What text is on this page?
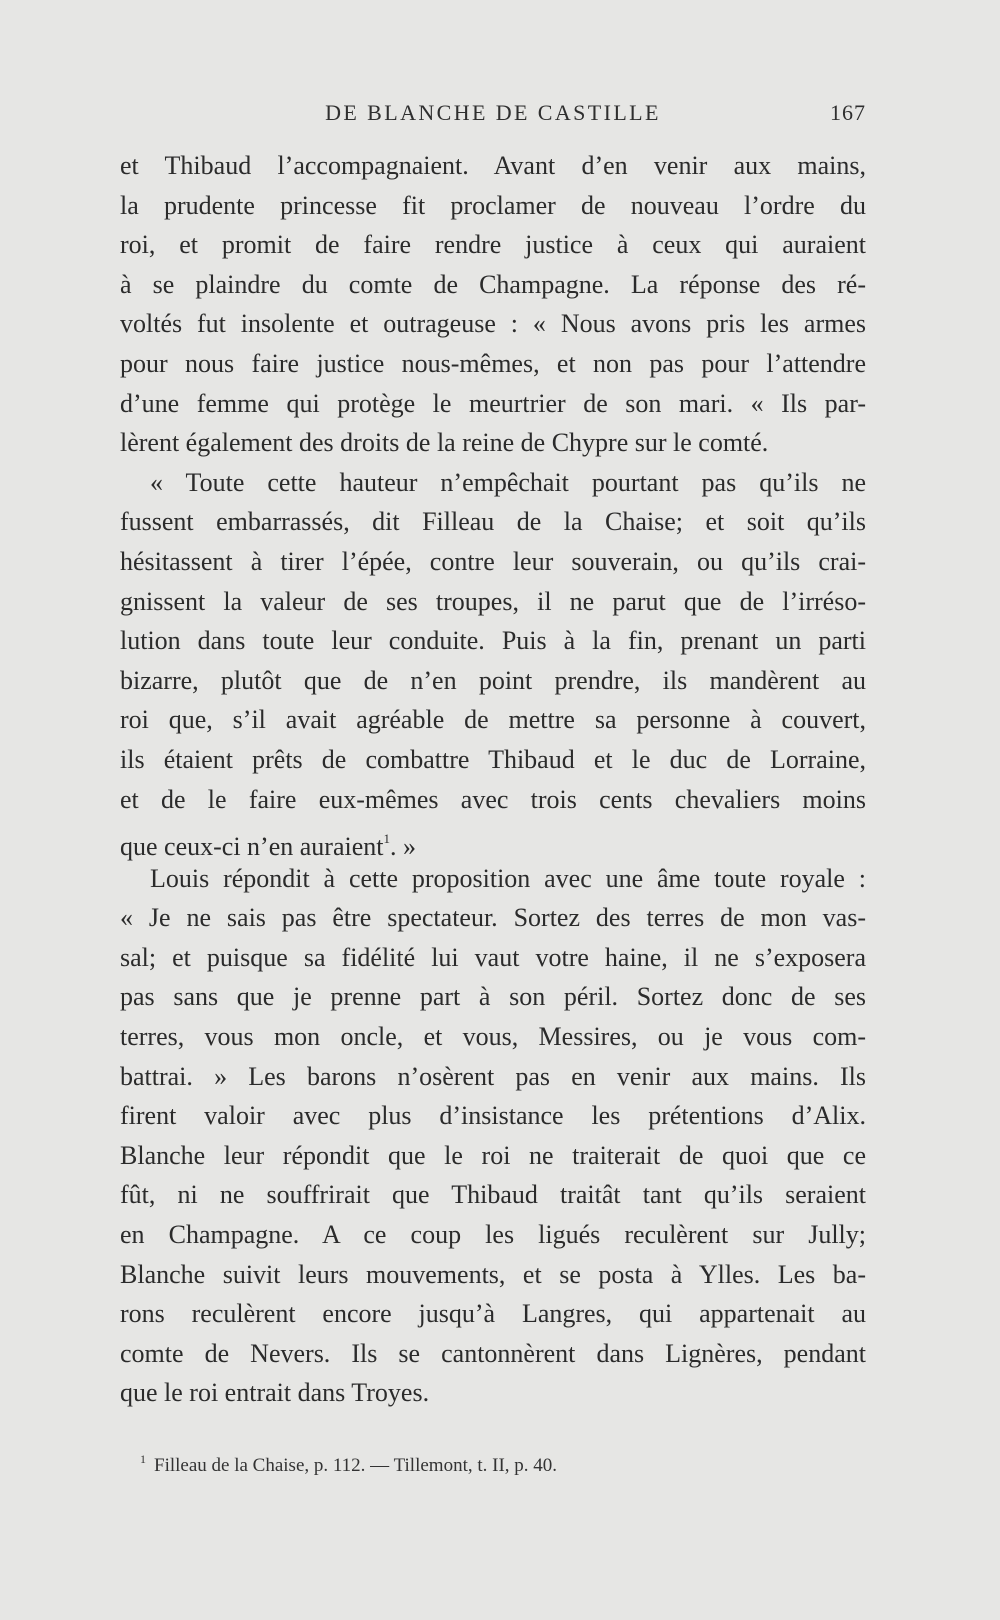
DE BLANCHE DE CASTILLE	167
et Thibaud l’accompagnaient. Avant d’en venir aux mains,
la prudente princesse fit proclamer de nouveau l’ordre du
roi, et promit de faire rendre justice à ceux qui auraient
à se plaindre du comte de Champagne. La réponse des ré-
voltés fut insolente et outrageuse : « Nous avons pris les armes
pour nous faire justice nous-mêmes, et non pas pour l’attendre
d’une femme qui protège le meurtrier de son mari. « Ils par-
lèrent également des droits de la reine de Chypre sur le comté.
« Toute cette hauteur n’empêchait pourtant pas qu’ils ne
fussent embarrassés, dit Filleau de la Chaise; et soit qu’ils
hésitassent à tirer l’épée, contre leur souverain, ou qu’ils crai-
gnissent la valeur de ses troupes, il ne parut que de l’irréso-
lution dans toute leur conduite. Puis à la fin, prenant un parti
bizarre, plutôt que de n’en point prendre, ils mandèrent au
roi que, s’il avait agréable de mettre sa personne à couvert,
ils étaient prêts de combattre Thibaud et le duc de Lorraine,
et de le faire eux-mêmes avec trois cents chevaliers moins
que ceux-ci n’en auraient$^1$. »
Louis répondit à cette proposition avec une âme toute royale :
« Je ne sais pas être spectateur. Sortez des terres de mon vas-
sal; et puisque sa fidélité lui vaut votre haine, il ne s’exposera
pas sans que je prenne part à son péril. Sortez donc de ses
terres, vous mon oncle, et vous, Messires, ou je vous com-
battrai. » Les barons n’osèrent pas en venir aux mains. Ils
firent valoir avec plus d’insistance les prétentions d’Alix.
Blanche leur répondit que le roi ne traiterait de quoi que ce
fût, ni ne souffrirait que Thibaud traitât tant qu’ils seraient
en Champagne. A ce coup les ligués reculèrent sur Jully;
Blanche suivit leurs mouvements, et se posta à Ylles. Les ba-
rons reculèrent encore jusqu’à Langres, qui appartenait au
comte de Nevers. Ils se cantonnèrent dans Lignères, pendant
que le roi entrait dans Troyes.
$^1$ Filleau de la Chaise, p. 112. — Tillemont, t. II, p. 40.
